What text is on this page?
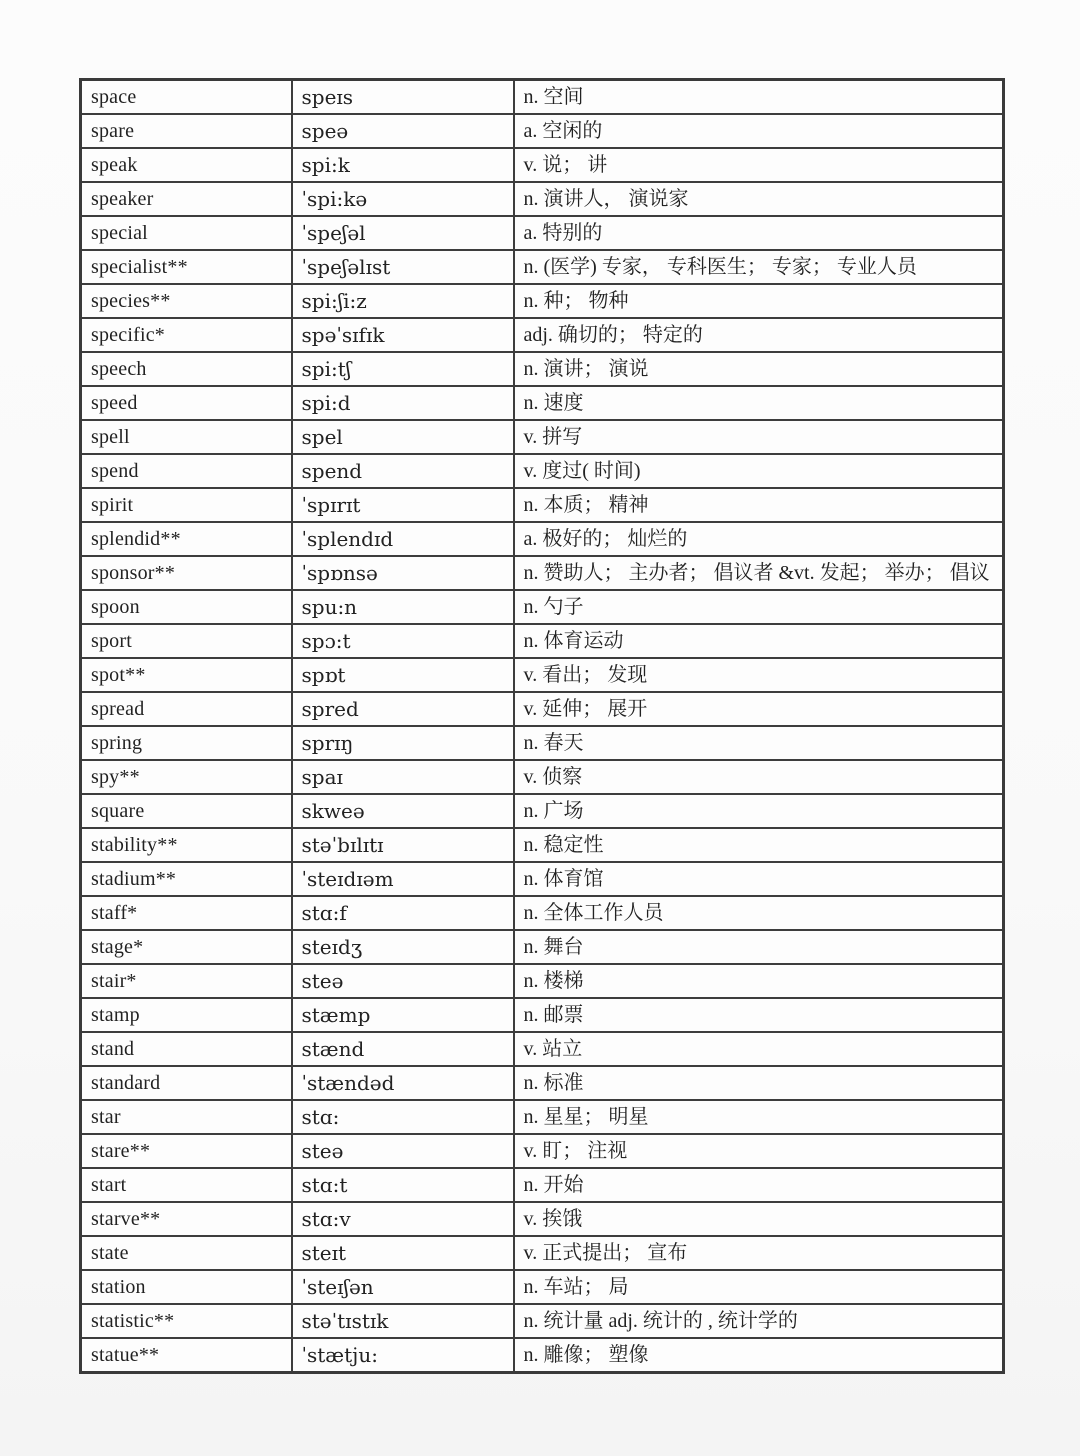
space	speɪs	n. 空间
spare	speə	a. 空闲的
speak	spi:k	v. 说； 讲
speaker	ˈspi:kə	n. 演讲人， 演说家
special	ˈspeʃəl	a. 特别的
specialist**	ˈspeʃəlɪst	n. (医学) 专家， 专科医生； 专家； 专业人员
species**	spi:ʃi:z	n. 种； 物种
specific*	spəˈsɪfɪk	adj. 确切的； 特定的
speech	spi:tʃ	n. 演讲； 演说
speed	spi:d	n. 速度
spell	spel	v. 拼写
spend	spend	v. 度过( 时间)
spirit	ˈspɪrɪt	n. 本质； 精神
splendid**	ˈsplendɪd	a. 极好的； 灿烂的
sponsor**	ˈspɒnsə	n. 赞助人； 主办者； 倡议者 &vt. 发起； 举办； 倡议
spoon	spu:n	n. 勺子
sport	spɔ:t	n. 体育运动
spot**	spɒt	v. 看出； 发现
spread	spred	v. 延伸； 展开
spring	sprɪŋ	n. 春天
spy**	spaɪ	v. 侦察
square	skweə	n. 广场
stability**	stəˈbɪlɪtɪ	n. 稳定性
stadium**	ˈsteɪdɪəm	n. 体育馆
staff*	stɑ:f	n. 全体工作人员
stage*	steɪdʒ	n. 舞台
stair*	steə	n. 楼梯
stamp	stæmp	n. 邮票
stand	stænd	v. 站立
standard	ˈstændəd	n. 标准
star	stɑ:	n. 星星； 明星
stare**	steə	v. 盯； 注视
start	stɑ:t	n. 开始
starve**	stɑ:v	v. 挨饿
state	steɪt	v. 正式提出； 宣布
station	ˈsteɪʃən	n. 车站； 局
statistic**	stəˈtɪstɪk	n. 统计量 adj. 统计的 , 统计学的
statue**	ˈstætju:	n. 雕像； 塑像
